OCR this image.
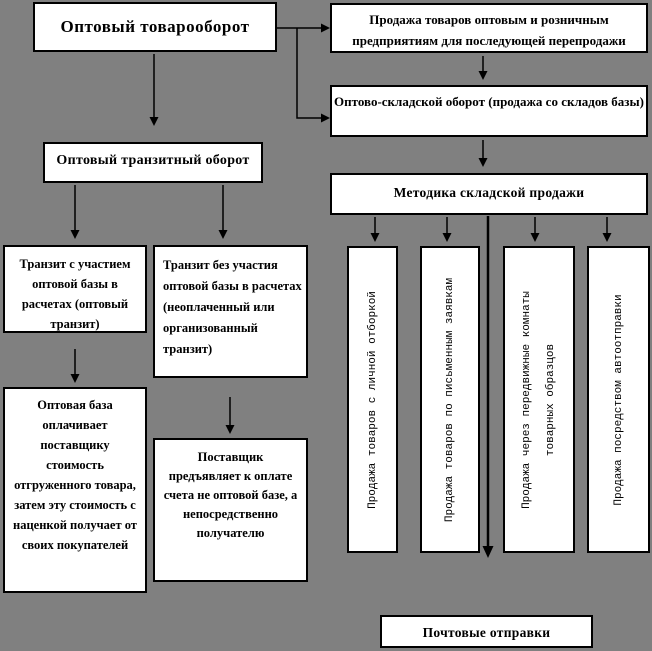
Оптовый товарооборот	Продажа товаров оптовым и розничным предприятиям для последующей перепродажи
Оптово-складской оборот (продажа со складов базы)
Оптовый транзитный оборот
Методика складской продажи
Транзит с участием оптовой базы в расчетах (оптовый транзит)
Транзит без участия оптовой базы в расчетах (неоплаченный или организованный транзит)
Оптовая база оплачивает поставщику стоимость отгруженного товара, затем эту стоимость с наценкой получает от своих покупателей
Поставщик предъявляет к оплате счета не оптовой базе, а непосредственно получателю
Продажа товаров с личной отборкой	Продажа товаров по письменным заявкам	Продажа через передвижные комнаты товарных образцов	Продажа посредством автоотправки
Почтовые отправки
